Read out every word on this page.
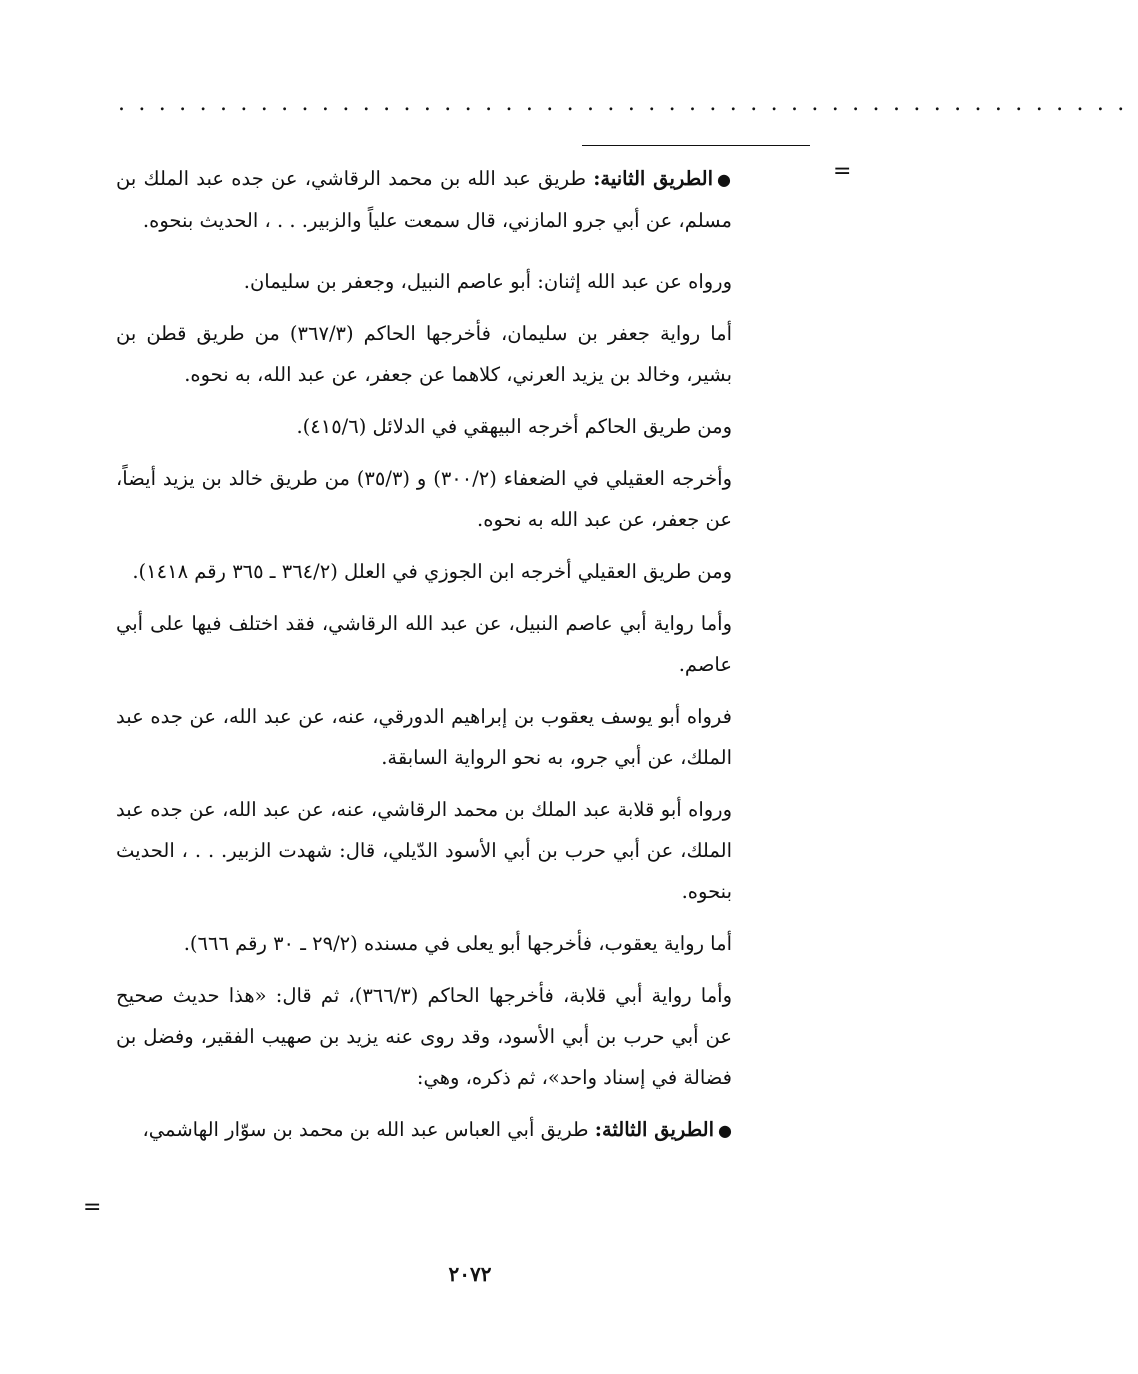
..................................................
=

●الطريق الثانية: طريق عبد الله بن محمد الرقاشي، عن جده عبد الملك بن مسلم، عن أبي جرو المازني، قال سمعت علياً والزبير. . . ، الحديث بنحوه.

ورواه عن عبد الله إثنان: أبو عاصم النبيل، وجعفر بن سليمان.

أما رواية جعفر بن سليمان، فأخرجها الحاكم (٣٦٧/٣) من طريق قطن بن بشير، وخالد بن يزيد العرني، كلاهما عن جعفر، عن عبد الله، به نحوه.

ومن طريق الحاكم أخرجه البيهقي في الدلائل (٤١٥/٦).

وأخرجه العقيلي في الضعفاء (٣٠٠/٢) و (٣٥/٣) من طريق خالد بن يزيد أيضاً، عن جعفر، عن عبد الله به نحوه.

ومن طريق العقيلي أخرجه ابن الجوزي في العلل (٣٦٤/٢ ـ ٣٦٥ رقم ١٤١٨).

وأما رواية أبي عاصم النبيل، عن عبد الله الرقاشي، فقد اختلف فيها على أبي عاصم.

فرواه أبو يوسف يعقوب بن إبراهيم الدورقي، عنه، عن عبد الله، عن جده عبد الملك، عن أبي جرو، به نحو الرواية السابقة.

ورواه أبو قلابة عبد الملك بن محمد الرقاشي، عنه، عن عبد الله، عن جده عبد الملك، عن أبي حرب بن أبي الأسود الدّيلي، قال: شهدت الزبير. . . ، الحديث بنحوه.

أما رواية يعقوب، فأخرجها أبو يعلى في مسنده (٢٩/٢ ـ ٣٠ رقم ٦٦٦).

وأما رواية أبي قلابة، فأخرجها الحاكم (٣٦٦/٣)، ثم قال: «هذا حديث صحيح عن أبي حرب بن أبي الأسود، وقد روى عنه يزيد بن صهيب الفقير، وفضل بن فضالة في إسناد واحد»، ثم ذكره، وهي:

●الطريق الثالثة: طريق أبي العباس عبد الله بن محمد بن سوّار الهاشمي،

=
٢٠٧٢
